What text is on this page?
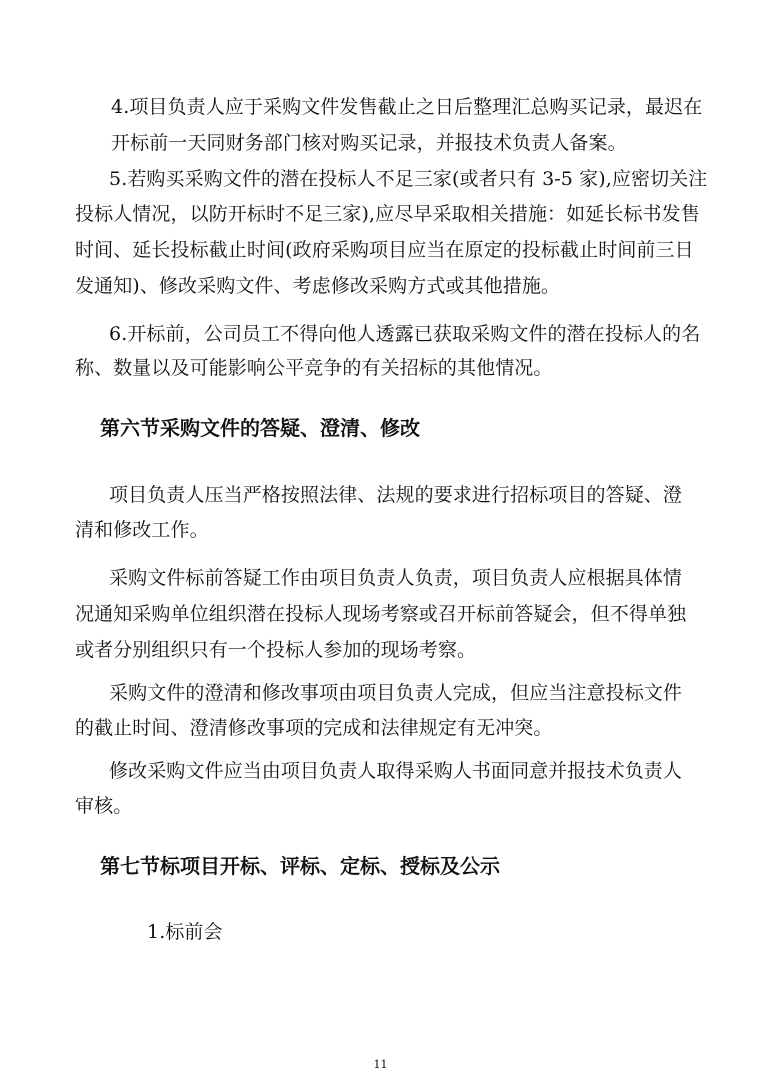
4.项目负责人应于采购文件发售截止之日后整理汇总购买记录，最迟在
开标前一天同财务部门核对购买记录，并报技术负责人备案。
5.若购买采购文件的潜在投标人不足三家(或者只有 3-5 家),应密切关注
投标人情况，以防开标时不足三家),应尽早采取相关措施：如延长标书发售
时间、延长投标截止时间(政府采购项目应当在原定的投标截止时间前三日
发通知)、修改采购文件、考虑修改采购方式或其他措施。
6.开标前，公司员工不得向他人透露已获取采购文件的潜在投标人的名
称、数量以及可能影响公平竞争的有关招标的其他情况。
第六节采购文件的答疑、澄清、修改
项目负责人压当严格按照法律、法规的要求进行招标项目的答疑、澄
清和修改工作。
采购文件标前答疑工作由项目负责人负责，项目负责人应根据具体情
况通知采购单位组织潜在投标人现场考察或召开标前答疑会，但不得单独
或者分别组织只有一个投标人参加的现场考察。
采购文件的澄清和修改事项由项目负责人完成，但应当注意投标文件
的截止时间、澄清修改事项的完成和法律规定有无冲突。
修改采购文件应当由项目负责人取得采购人书面同意并报技术负责人
审核。
第七节标项目开标、评标、定标、授标及公示
1.标前会
11
